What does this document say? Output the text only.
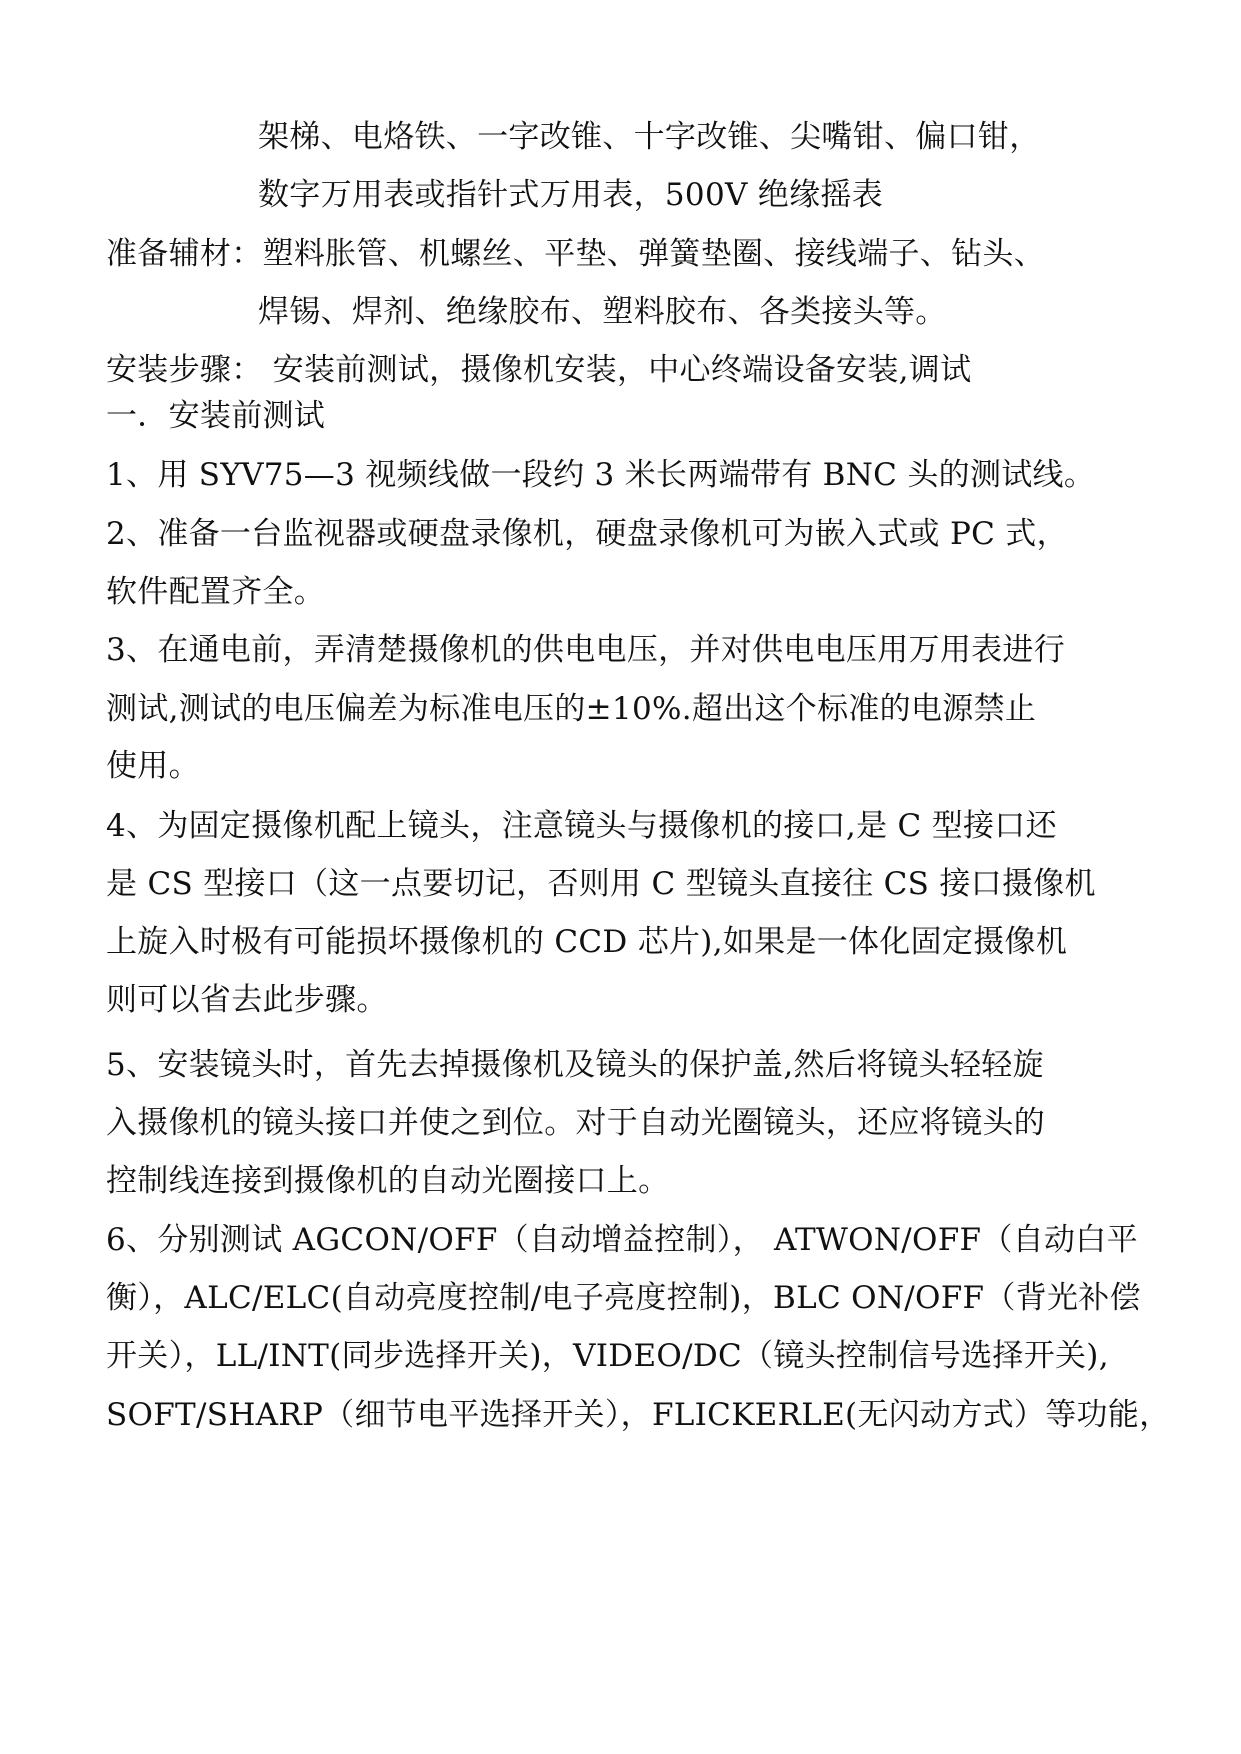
架梯、电烙铁、一字改锥、十字改锥、尖嘴钳、偏口钳，
数字万用表或指针式万用表，500V 绝缘摇表
准备辅材：塑料胀管、机螺丝、平垫、弹簧垫圈、接线端子、钻头、
焊锡、焊剂、绝缘胶布、塑料胶布、各类接头等。
安装步骤： 安装前测试，摄像机安装，中心终端设备安装,调试
一．安装前测试
1、用 SYV75—3 视频线做一段约 3 米长两端带有 BNC 头的测试线。
2、准备一台监视器或硬盘录像机，硬盘录像机可为嵌入式或 PC 式，
软件配置齐全。
3、在通电前，弄清楚摄像机的供电电压，并对供电电压用万用表进行
测试,测试的电压偏差为标准电压的±10%.超出这个标准的电源禁止
使用。
4、为固定摄像机配上镜头，注意镜头与摄像机的接口,是 C 型接口还
是 CS 型接口（这一点要切记，否则用 C 型镜头直接往 CS 接口摄像机
上旋入时极有可能损坏摄像机的 CCD 芯片),如果是一体化固定摄像机
则可以省去此步骤。
5、安装镜头时，首先去掉摄像机及镜头的保护盖,然后将镜头轻轻旋
入摄像机的镜头接口并使之到位。对于自动光圈镜头，还应将镜头的
控制线连接到摄像机的自动光圈接口上。
6、分别测试 AGCON/OFF（自动增益控制）， ATWON/OFF（自动白平
衡），ALC/ELC(自动亮度控制/电子亮度控制)，BLC ON/OFF（背光补偿
开关），LL/INT(同步选择开关)，VIDEO/DC（镜头控制信号选择开关),
SOFT/SHARP（细节电平选择开关），FLICKERLE(无闪动方式）等功能，
